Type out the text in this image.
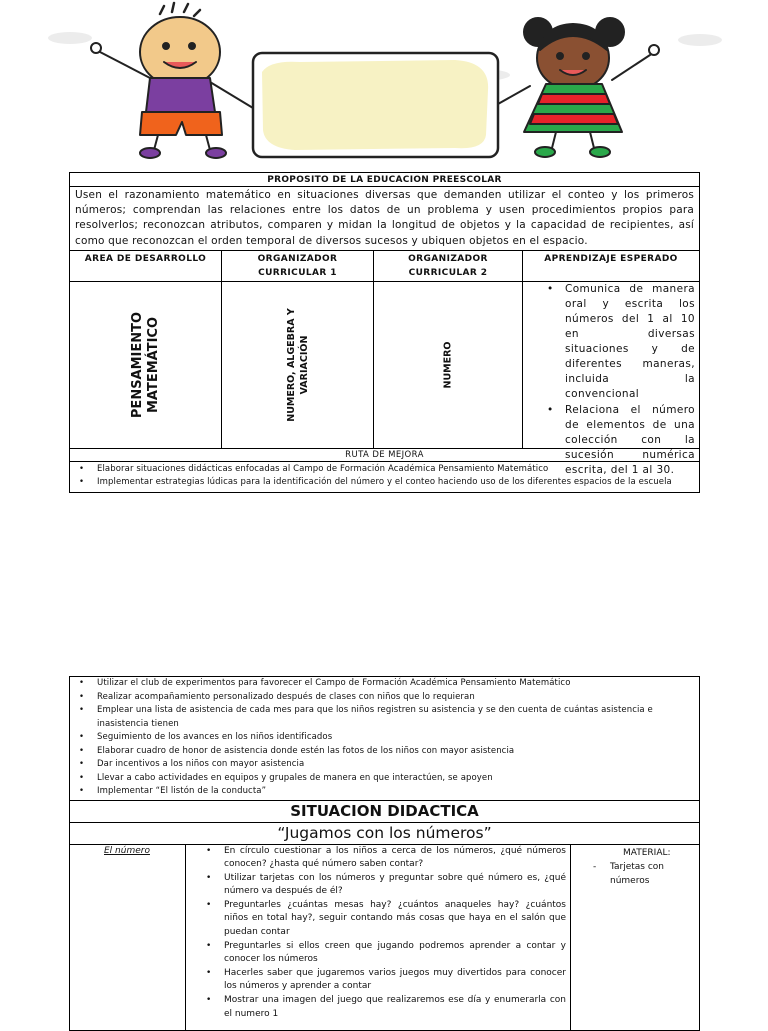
PROPOSITO DE LA EDUCACION PREESCOLAR
Usen el razonamiento matemático en situaciones diversas que demanden utilizar el conteo y los primeros números; comprendan las relaciones entre los datos de un problema y usen procedimientos propios para resolverlos; reconozcan atributos, comparen y midan la longitud de objetos y la capacidad de recipientes, así como que reconozcan el orden temporal de diversos sucesos y ubiquen objetos en el espacio.
AREA DE DESARROLLO	ORGANIZADOR CURRICULAR 1
ORGANIZADOR CURRICULAR 2
APRENDIZAJE ESPERADO
PENSAMIENTO MATEMÁTICO	NUMERO, ALGEBRA Y VARIACIÓN	NUMERO
• Comunica de manera oral y escrita los números del 1 al 10 en diversas situaciones y de diferentes maneras, incluida la convencional
• Relaciona el número de elementos de una colección con la sucesión numérica escrita, del 1 al 30.
RUTA DE MEJORA
• Elaborar situaciones didácticas enfocadas al Campo de Formación Académica Pensamiento Matemático
• Implementar estrategias lúdicas para la identificación del número y el conteo haciendo uso de los diferentes espacios de la escuela
• Utilizar el club de experimentos para favorecer el Campo de Formación Académica Pensamiento Matemático
• Realizar acompañamiento personalizado después de clases con niños que lo requieran
• Emplear una lista de asistencia de cada mes para que los niños registren su asistencia y se den cuenta de cuántas asistencia e inasistencia tienen
• Seguimiento de los avances en los niños identificados
• Elaborar cuadro de honor de asistencia donde estén las fotos de los niños con mayor asistencia
• Dar incentivos a los niños con mayor asistencia
• Llevar a cabo actividades en equipos y grupales de manera en que interactúen, se apoyen
• Implementar “El listón de la conducta”
SITUACION DIDACTICA
“Jugamos con los números”
El número
•	En círculo cuestionar a los niños a cerca de los números, ¿qué números conocen? ¿hasta qué número saben contar?
• Utilizar tarjetas con los números y preguntar sobre qué número es, ¿qué número va después de él?
• Preguntarles ¿cuántas mesas hay? ¿cuántos anaqueles hay? ¿cuántos niños en total hay?, seguir contando más cosas que haya en el salón que puedan contar
• Preguntarles si ellos creen que jugando podremos aprender a contar y conocer los números
• Hacerles saber que jugaremos varios juegos muy divertidos para conocer los números y aprender a contar
• Mostrar una imagen del juego que realizaremos ese día y enumerarla con el numero 1
MATERIAL:
-	Tarjetas con números
